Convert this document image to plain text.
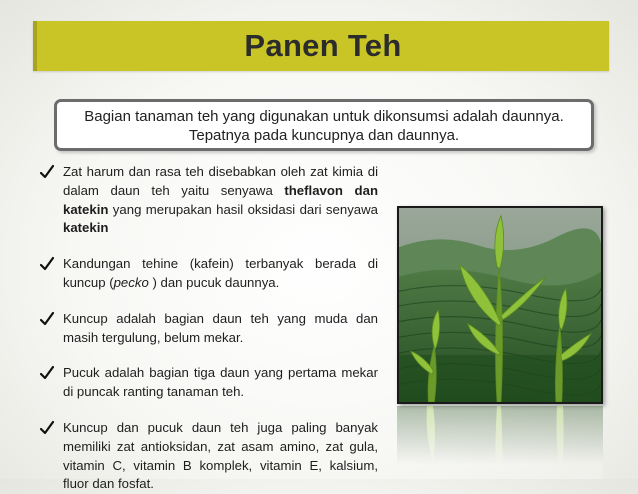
Panen Teh
Bagian tanaman teh yang digunakan untuk dikonsumsi adalah daunnya.
Tepatnya pada kuncupnya dan daunnya.
Zat harum dan rasa teh disebabkan oleh zat kimia di dalam daun teh yaitu senyawa theflavon dan katekin yang merupakan hasil oksidasi dari senyawa katekin
Kandungan tehine (kafein) terbanyak berada di kuncup (pecko ) dan pucuk daunnya.
Kuncup adalah bagian daun teh yang muda dan masih tergulung, belum mekar.
Pucuk adalah bagian tiga daun yang pertama mekar di puncak ranting tanaman teh.
Kuncup dan pucuk daun teh juga paling banyak memiliki zat antioksidan, zat asam amino, zat gula, vitamin C, vitamin B komplek, vitamin E, kalsium, fluor dan fosfat.
